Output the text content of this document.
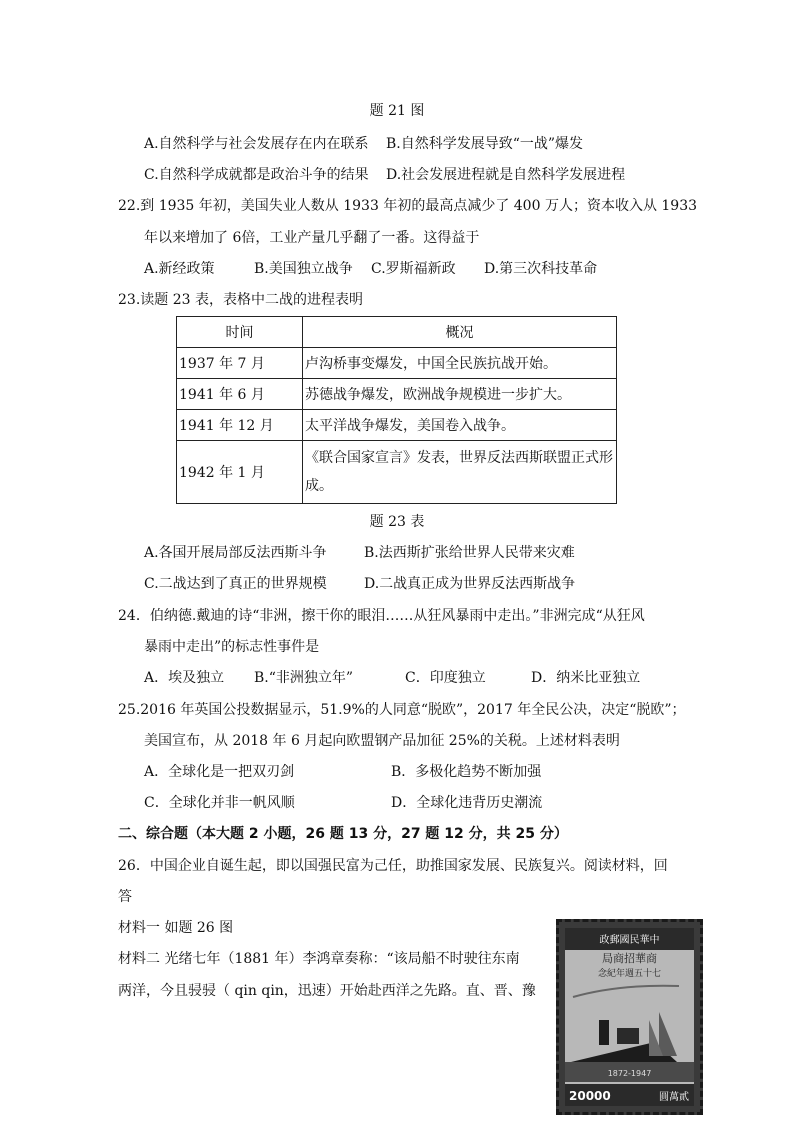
题 21 图
A.自然科学与社会发展存在内在联系 B.自然科学发展导致“一战”爆发
C.自然科学成就都是政治斗争的结果 D.社会发展进程就是自然科学发展进程
22.到 1935 年初，美国失业人数从 1933 年初的最高点减少了 400 万人；资本收入从 1933
年以来增加了 6倍，工业产量几乎翻了一番。这得益于
A.新经政策	B.美国独立战争 C.罗斯福新政 D.第三次科技革命
23.读题 23 表，表格中二战的进程表明
时间	概况
1937 年 7 月	卢沟桥事变爆发，中国全民族抗战开始。
1941 年 6 月	苏德战争爆发，欧洲战争规模进一步扩大。
1941 年 12 月	太平洋战争爆发，美国卷入战争。
1942 年 1 月	《联合国家宣言》发表，世界反法西斯联盟正式形成。
题 23 表
A.各国开展局部反法西斯斗争	B.法西斯扩张给世界人民带来灾难
C.二战达到了真正的世界规模	D.二战真正成为世界反法西斯战争
24．伯纳德.戴迪的诗“非洲，擦干你的眼泪……从狂风暴雨中走出。”非洲完成“从狂风
暴雨中走出”的标志性事件是
A．埃及独立 B.“非洲独立年”	C．印度独立	D．纳米比亚独立
25.2016 年英国公投数据显示，51.9%的人同意“脱欧”，2017 年全民公决，决定“脱欧”；
美国宣布，从 2018 年 6 月起向欧盟钢产品加征 25%的关税。上述材料表明
A．全球化是一把双刃剑	B．多极化趋势不断加强
C．全球化并非一帆风顺	D．全球化违背历史潮流
二、综合题（本大题 2 小题，26 题 13 分，27 题 12 分，共 25 分）
26．中国企业自诞生起，即以国强民富为己任，助推国家发展、民族复兴。阅读材料，回
答
材料一 如题 26 图
材料二 光绪七年（1881 年）李鸿章奏称：“该局船不时驶往东南
两洋，今且骎骎（ qin qin，迅速）开始赴西洋之先路。直、晋、豫
政郵國民華中
局商招華商
念紀年週五十七
1872-1947
20000	圓萬貳
